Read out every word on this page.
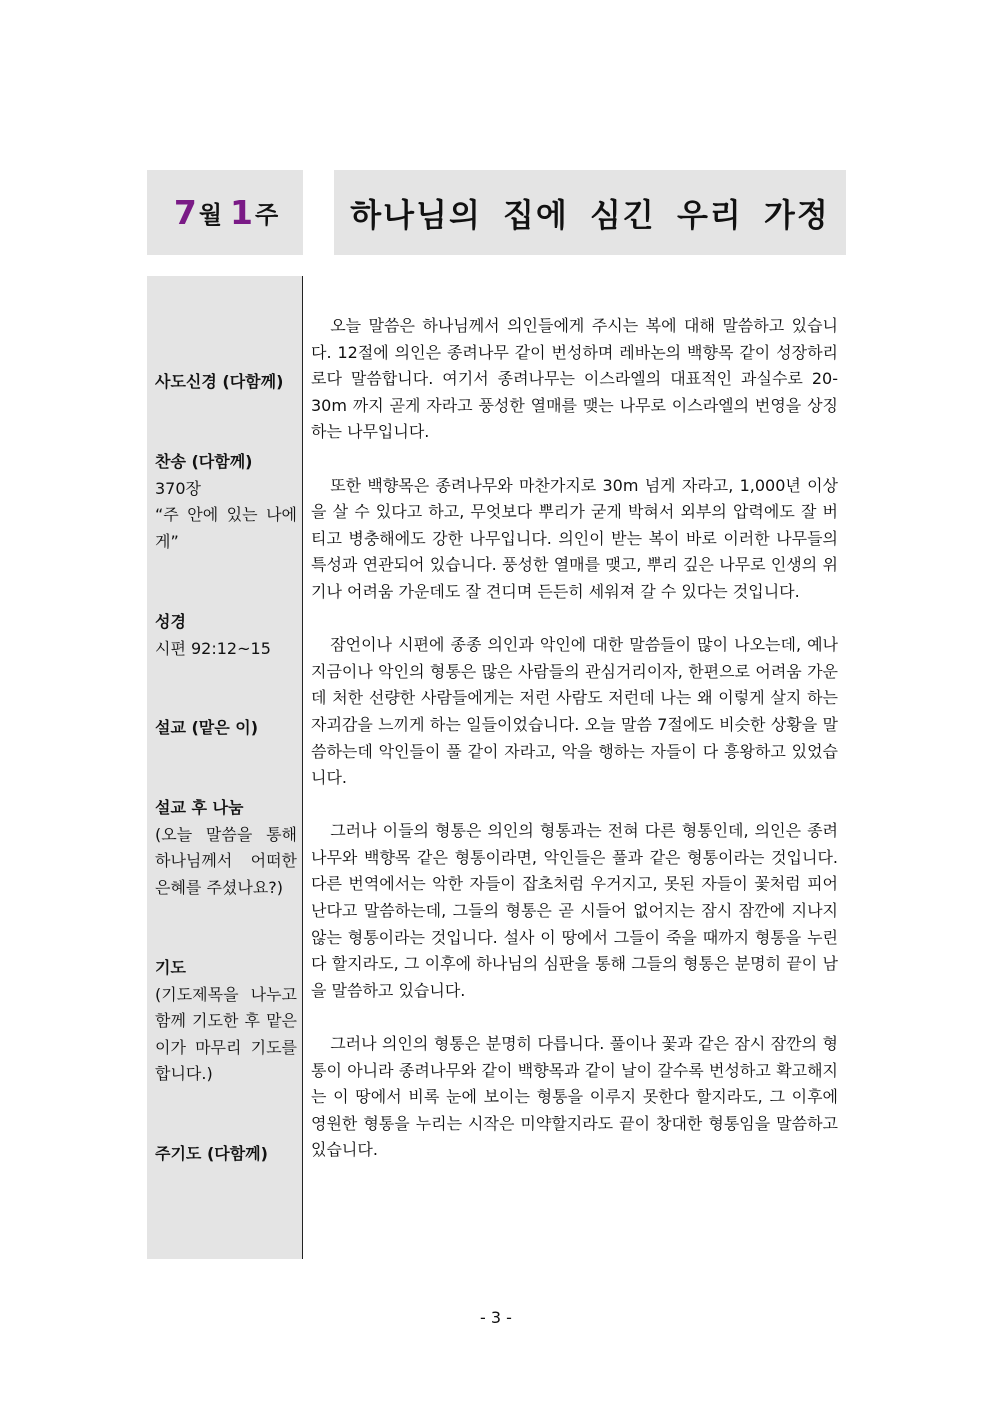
7 월 1 주 하나님의 집에 심긴 우리 가정
사도신경 (다함께)
찬송 (다함께)
370장
“주 안에 있는 나에게”
성경
시편 92:12~15
설교 (맡은 이)
설교 후 나눔
(오늘 말씀을 통해 하나님께서 어떠한 은혜를 주셨나요?)
기도
(기도제목을 나누고 함께 기도한 후 맡은 이가 마무리 기도를 합니다.)
주기도 (다함께)

오늘 말씀은 하나님께서 의인들에게 주시는 복에 대해 말씀하고 있습니다. 12절에 의인은 종려나무 같이 번성하며 레바논의 백향목 같이 성장하리로다 말씀합니다. 여기서 종려나무는 이스라엘의 대표적인 과실수로 20-30m 까지 곧게 자라고 풍성한 열매를 맺는 나무로 이스라엘의 번영을 상징하는 나무입니다.

또한 백향목은 종려나무와 마찬가지로 30m 넘게 자라고, 1,000년 이상을 살 수 있다고 하고, 무엇보다 뿌리가 굳게 박혀서 외부의 압력에도 잘 버티고 병충해에도 강한 나무입니다. 의인이 받는 복이 바로 이러한 나무들의 특성과 연관되어 있습니다. 풍성한 열매를 맺고, 뿌리 깊은 나무로 인생의 위기나 어려움 가운데도 잘 견디며 든든히 세워져 갈 수 있다는 것입니다.

잠언이나 시편에 종종 의인과 악인에 대한 말씀들이 많이 나오는데, 예나 지금이나 악인의 형통은 많은 사람들의 관심거리이자, 한편으로 어려움 가운데 처한 선량한 사람들에게는 저런 사람도 저런데 나는 왜 이렇게 살지 하는 자괴감을 느끼게 하는 일들이었습니다. 오늘 말씀 7절에도 비슷한 상황을 말씀하는데 악인들이 풀 같이 자라고, 악을 행하는 자들이 다 흥왕하고 있었습니다.

그러나 이들의 형통은 의인의 형통과는 전혀 다른 형통인데, 의인은 종려나무와 백향목 같은 형통이라면, 악인들은 풀과 같은 형통이라는 것입니다. 다른 번역에서는 악한 자들이 잡초처럼 우거지고, 못된 자들이 꽃처럼 피어난다고 말씀하는데, 그들의 형통은 곧 시들어 없어지는 잠시 잠깐에 지나지 않는 형통이라는 것입니다. 설사 이 땅에서 그들이 죽을 때까지 형통을 누린다 할지라도, 그 이후에 하나님의 심판을 통해 그들의 형통은 분명히 끝이 남을 말씀하고 있습니다.

그러나 의인의 형통은 분명히 다릅니다. 풀이나 꽃과 같은 잠시 잠깐의 형통이 아니라 종려나무와 같이 백향목과 같이 날이 갈수록 번성하고 확고해지는 이 땅에서 비록 눈에 보이는 형통을 이루지 못한다 할지라도, 그 이후에 영원한 형통을 누리는 시작은 미약할지라도 끝이 창대한 형통임을 말씀하고 있습니다.

- 3 -
